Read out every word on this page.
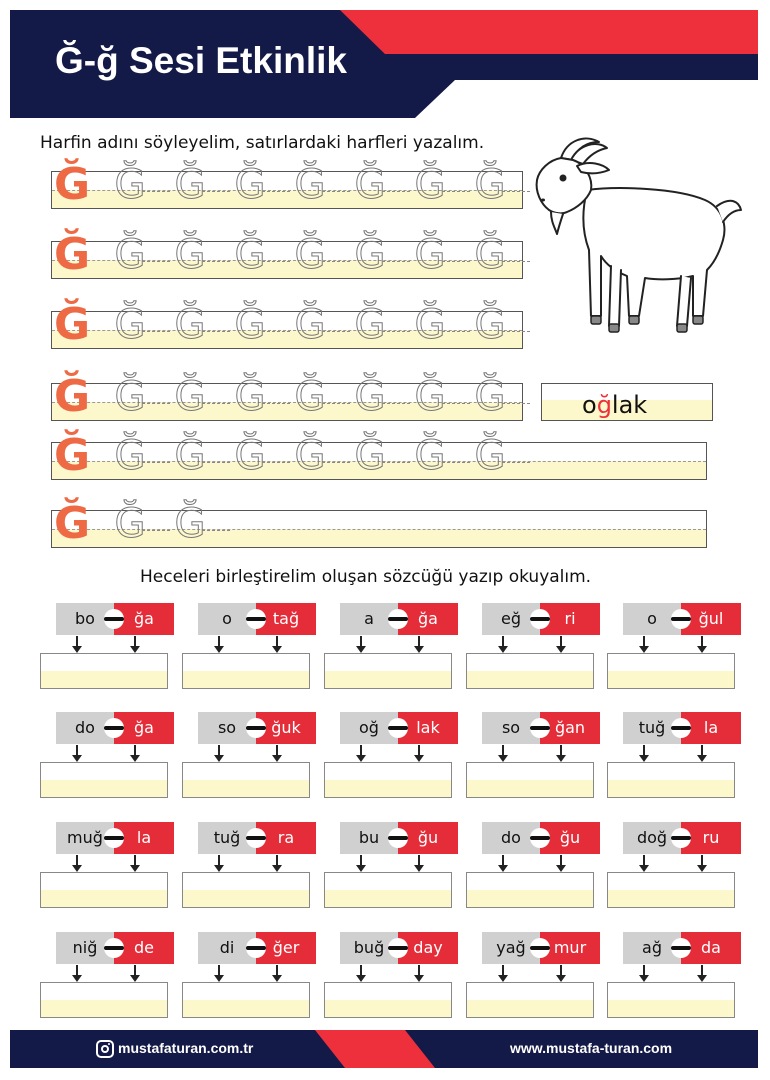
Ğ-ğ Sesi Etkinlik
Harfin adını söyleyelim, satırlardaki harfleri yazalım.
Ğ Ğ Ğ Ğ Ğ Ğ Ğ Ğ
Ğ Ğ Ğ Ğ Ğ Ğ Ğ Ğ
Ğ Ğ Ğ Ğ Ğ Ğ Ğ Ğ
Ğ Ğ Ğ Ğ Ğ Ğ Ğ Ğ
Ğ Ğ Ğ Ğ Ğ Ğ Ğ Ğ
Ğ Ğ Ğ
oğlak
Heceleri birleştirelim oluşan sözcüğü yazıp okuyalım.
bo	ğa	o	tağ	a	ğa	eğ	ri	o	ğul
do	ğa	so	ğuk	oğ	lak	so	ğan	tuğ	la
muğ	la	tuğ	ra	bu	ğu	do	ğu	doğ	ru
niğ	de	di	ğer	buğ	day	yağ	mur	ağ	da
mustafaturan.com.tr	www.mustafa-turan.com
